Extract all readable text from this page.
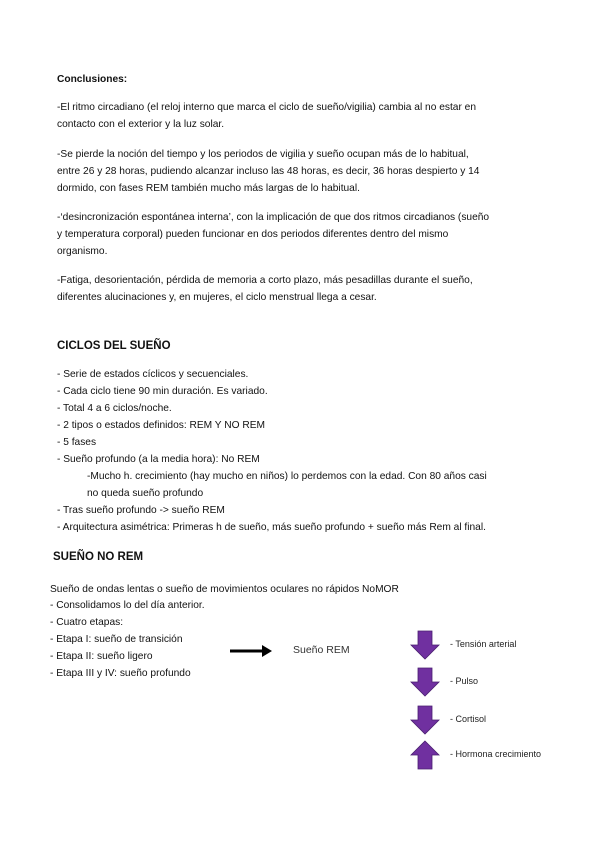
Conclusiones:
-El ritmo circadiano (el reloj interno que marca el ciclo de sueño/vigilia) cambia al no estar en
contacto con el exterior y la luz solar.
-Se pierde la noción del tiempo y los periodos de vigilia y sueño ocupan más de lo habitual,
entre 26 y 28 horas, pudiendo alcanzar incluso las 48 horas, es decir, 36 horas despierto y 14
dormido, con fases REM también mucho más largas de lo habitual.
-‘desincronización espontánea interna’, con la implicación de que dos ritmos circadianos (sueño
y temperatura corporal) pueden funcionar en dos periodos diferentes dentro del mismo
organismo.
-Fatiga, desorientación, pérdida de memoria a corto plazo, más pesadillas durante el sueño,
diferentes alucinaciones y, en mujeres, el ciclo menstrual llega a cesar.
CICLOS DEL SUEÑO
- Serie de estados cíclicos y secuenciales.
- Cada ciclo tiene 90 min duración. Es variado.
- Total 4 a 6 ciclos/noche.
- 2 tipos o estados definidos: REM Y NO REM
- 5 fases
- Sueño profundo (a la media hora): No REM
-Mucho h. crecimiento (hay mucho en niños) lo perdemos con la edad. Con 80 años casi
no queda sueño profundo
- Tras sueño profundo -> sueño REM
- Arquitectura asimétrica: Primeras h de sueño, más sueño profundo + sueño más Rem al final.
SUEÑO NO REM
Sueño de ondas lentas o sueño de movimientos oculares no rápidos NoMOR
- Consolidamos lo del día anterior.
- Cuatro etapas:
- Etapa I: sueño de transición
- Etapa II: sueño ligero
- Etapa III y IV: sueño profundo
Sueño REM	- Tensión arterial
- Pulso
- Cortisol
- Hormona crecimiento
